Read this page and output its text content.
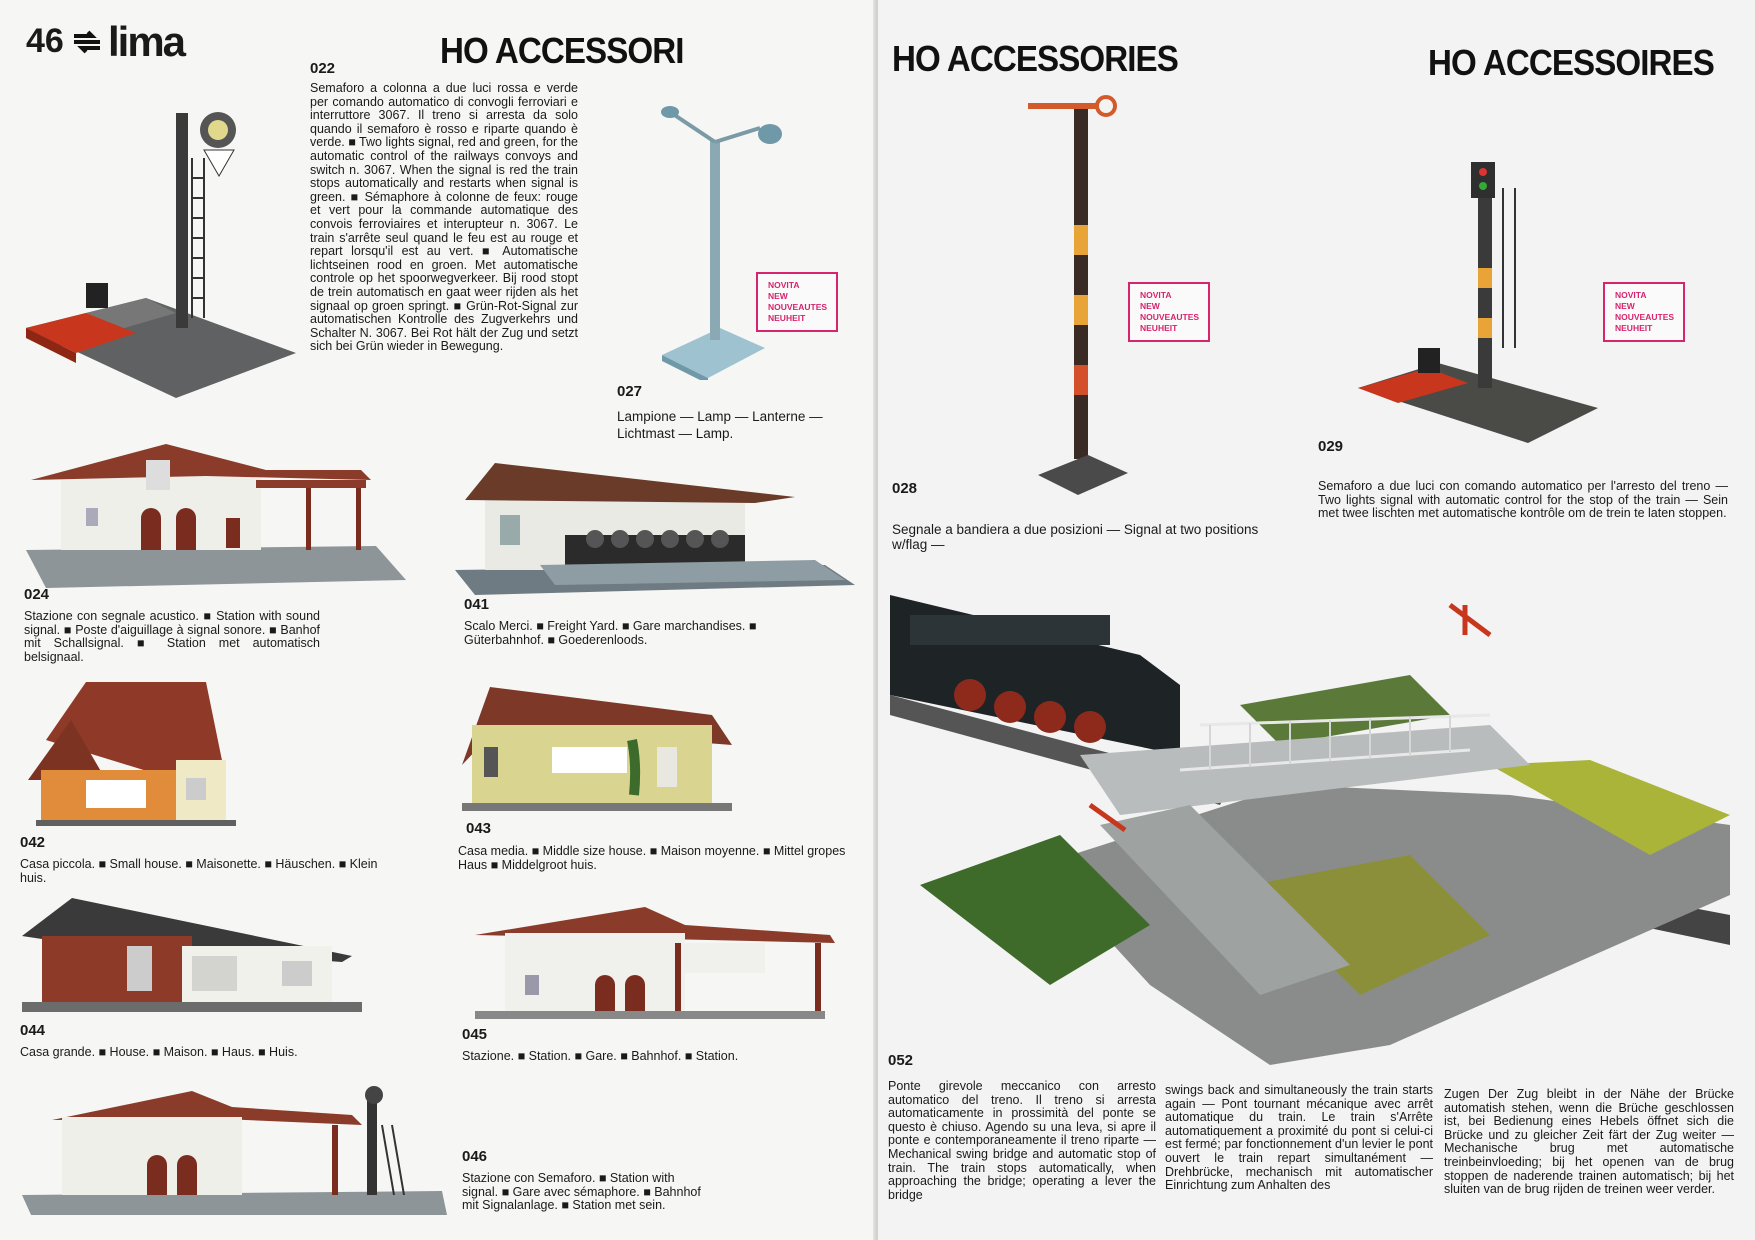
46 lima	HO ACCESSORI
022
Semaforo a colonna a due luci rossa e verde per comando automatico di convogli ferroviari e interruttore 3067. Il treno si arresta da solo quando il semaforo è rosso e riparte quando è verde. ■ Two lights signal, red and green, for the automatic control of the railways convoys and switch n. 3067. When the signal is red the train stops automatically and restarts when signal is green. ■ Sémaphore à colonne de feux: rouge et vert pour la commande automatique des convois ferroviaires et interupteur n. 3067. Le train s'arrête seul quand le feu est au rouge et repart lorsqu'il est au vert. ■ Automatische lichtseinen rood en groen. Met automatische controle op het spoorwegverkeer. Bij rood stopt de trein automatisch en gaat weer rijden als het signaal op groen springt. ■ Grün-Rot-Signal zur automatischen Kontrolle des Zugverkehrs und Schalter N. 3067. Bei Rot hält der Zug und setzt sich bei Grün wieder in Bewegung.
NOVITA
NEW
NOUVEAUTES
NEUHEIT
027
Lampione — Lamp — Lanterne — Lichtmast — Lamp.
024
Stazione con segnale acustico. ■ Station with sound signal. ■ Poste d'aiguillage à signal sonore. ■ Banhof mit Schallsignal. ■ Station met automatisch belsignaal.
041
Scalo Merci. ■ Freight Yard. ■ Gare marchandises. ■ Güterbahnhof. ■ Goederenloods.
042
Casa piccola. ■ Small house. ■ Maisonette. ■ Häuschen. ■ Klein huis.
043
Casa media. ■ Middle size house. ■ Maison moyenne. ■ Mittel gropes Haus ■ Middelgroot huis.
044
Casa grande. ■ House. ■ Maison. ■ Haus. ■ Huis.
045
Stazione. ■ Station. ■ Gare. ■ Bahnhof. ■ Station.
046
Stazione con Semaforo. ■ Station with signal. ■ Gare avec sémaphore. ■ Bahnhof mit Signalanlage. ■ Station met sein.
HO ACCESSORIES	HO ACCESSOIRES
NOVITA
NEW
NOUVEAUTES
NEUHEIT
028
Segnale a bandiera a due posizioni — Signal at two positions w/flag —
NOVITA
NEW
NOUVEAUTES
NEUHEIT
029
Semaforo a due luci con comando automatico per l'arresto del treno — Two lights signal with automatic control for the stop of the train — Sein met twee lischten met automatische kontrôle om de trein te laten stoppen.
052
Ponte girevole meccanico con arresto automatico del treno. Il treno si arresta automaticamente in prossimità del ponte se questo è chiuso. Agendo su una leva, si apre il ponte e contemporaneamente il treno riparte — Mechanical swing bridge and automatic stop of train. The train stops automatically, when approaching the bridge; operating a lever the bridge
swings back and simultaneously the train starts again — Pont tournant mécanique avec arrêt automatique du train. Le train s'Arrête automatiquement a proximité du pont si celui-ci est fermé; par fonctionnement d'un levier le pont ouvert le train repart simultanément — Drehbrücke, mechanisch mit automatischer Einrichtung zum Anhalten des
Zugen Der Zug bleibt in der Nähe der Brücke automatish stehen, wenn die Brüche geschlossen ist, bei Bedienung eines Hebels öffnet sich die Brücke und zu gleicher Zeit färt der Zug weiter — Mechanische brug met automatische treinbeinvloeding; bij het openen van de brug stoppen de naderende trainen automatisch; bij het sluiten van de brug rijden de treinen weer verder.
